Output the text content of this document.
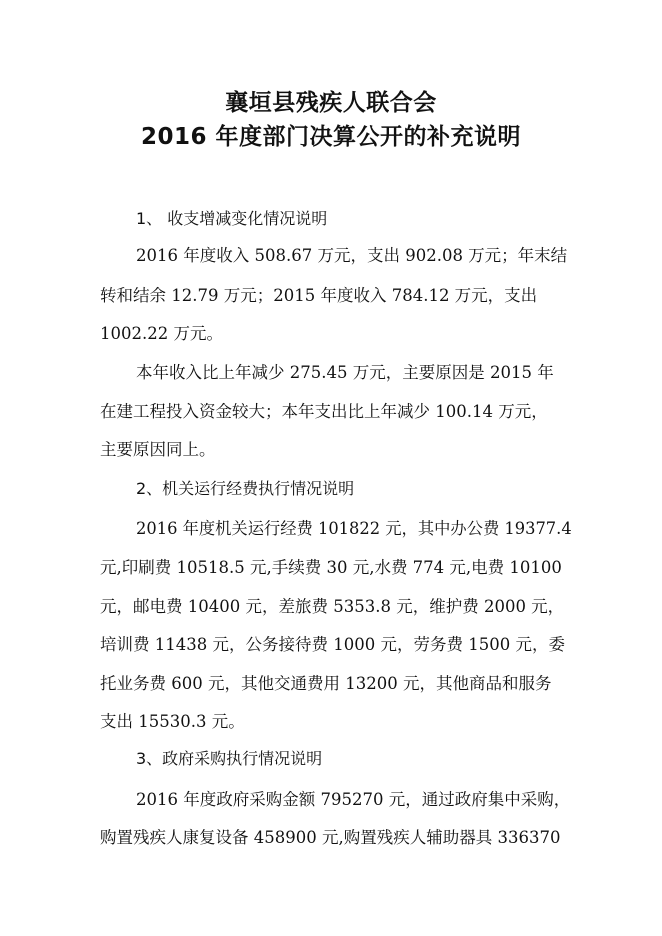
襄垣县残疾人联合会
2016 年度部门决算公开的补充说明
1、 收支增减变化情况说明
2016 年度收入 508.67 万元，支出 902.08 万元；年末结
转和结余 12.79 万元；2015 年度收入 784.12 万元，支出
1002.22 万元。
本年收入比上年减少 275.45 万元，主要原因是 2015 年
在建工程投入资金较大；本年支出比上年减少 100.14 万元，
主要原因同上。
2、机关运行经费执行情况说明
2016 年度机关运行经费 101822 元，其中办公费 19377.4
元,印刷费 10518.5 元,手续费 30 元,水费 774 元,电费 10100
元，邮电费 10400 元，差旅费 5353.8 元，维护费 2000 元，
培训费 11438 元，公务接待费 1000 元，劳务费 1500 元，委
托业务费 600 元，其他交通费用 13200 元，其他商品和服务
支出 15530.3 元。
3、政府采购执行情况说明
2016 年度政府采购金额 795270 元，通过政府集中采购，
购置残疾人康复设备 458900 元,购置残疾人辅助器具 336370
